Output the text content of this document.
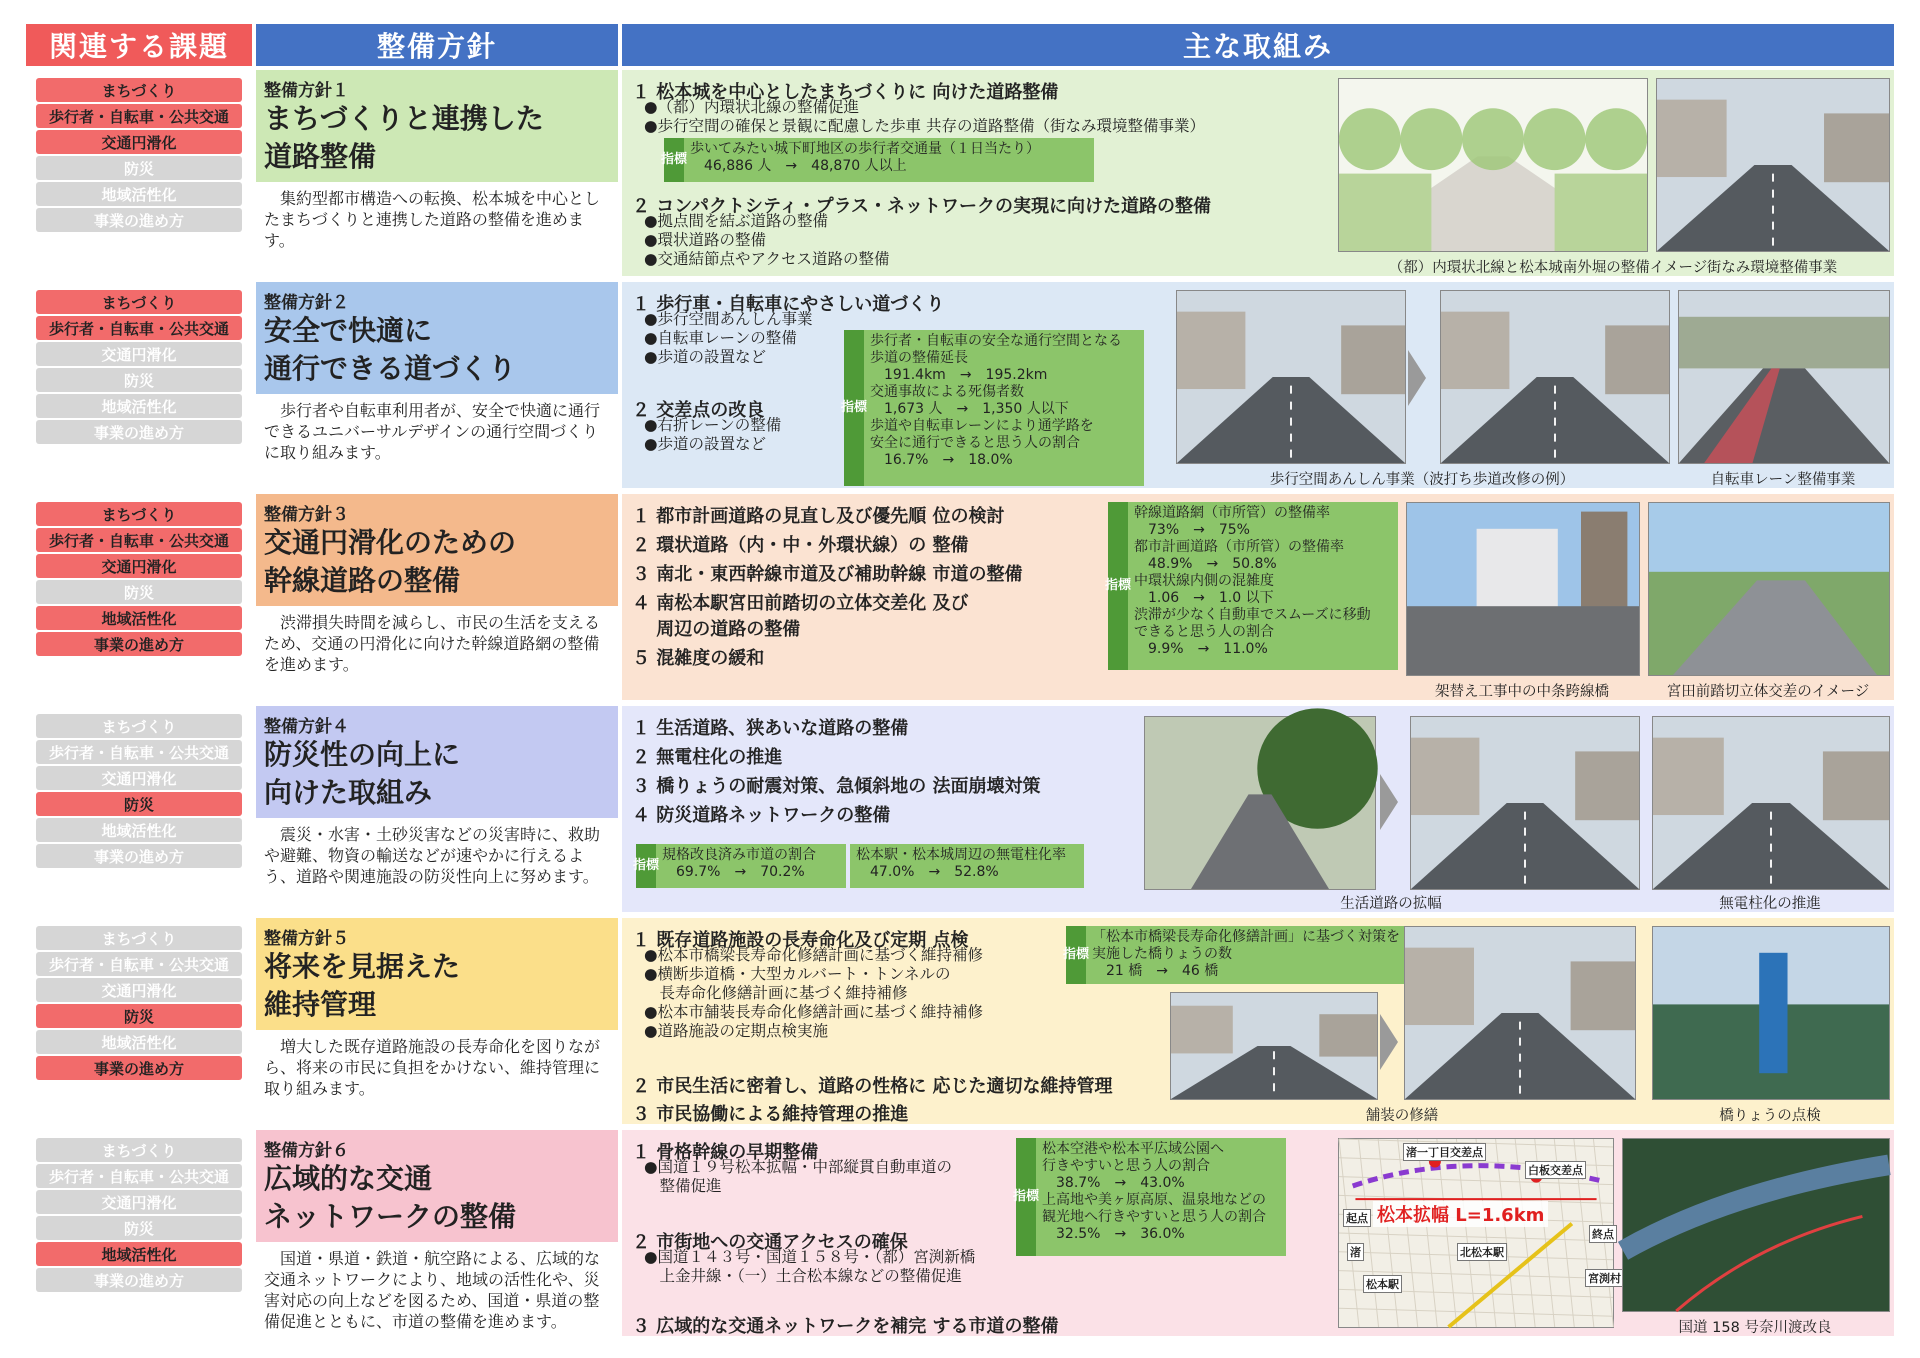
関連する課題	整備方針	主な取組み
まちづくり
歩行者・自転車・公共交通
交通円滑化
防災
地域活性化
事業の進め方
整備方針１
まちづくりと連携した
道路整備
集約型都市構造への転換、松本城を中心としたまちづくりと連携した道路の整備を進めます。
１ 松本城を中心としたまちづくりに 向けた道路整備
●（都）内環状北線の整備促進
●歩行空間の確保と景観に配慮した歩車 共存の道路整備（街なみ環境整備事業）
２ コンパクトシティ・プラス・ネットワークの実現に向けた道路の整備
●拠点間を結ぶ道路の整備
●環状道路の整備
●交通結節点やアクセス道路の整備
指標
歩いてみたい城下町地区の歩行者交通量（１日当たり）
　46,886 人　→　48,870 人以上
（都）内環状北線と松本城南外堀の整備イメージ 街なみ環境整備事業
まちづくり
歩行者・自転車・公共交通
交通円滑化
防災
地域活性化
事業の進め方
整備方針２
安全で快適に
通行できる道づくり
歩行者や自転車利用者が、安全で快適に通行できるユニバーサルデザインの通行空間づくりに取り組みます。
１ 歩行車・自転車にやさしい道づくり
●歩行空間あんしん事業
●自転車レーンの整備
●歩道の設置など
２ 交差点の改良
●右折レーンの整備
●歩道の設置など
指標
歩行者・自転車の安全な通行空間となる
歩道の整備延長
　191.4km　→　195.2km
交通事故による死傷者数
　1,673 人　→　1,350 人以下
歩道や自転車レーンにより通学路を
安全に通行できると思う人の割合
　16.7%　→　18.0%
歩行空間あんしん事業（波打ち歩道改修の例）	自転車レーン整備事業
まちづくり
歩行者・自転車・公共交通
交通円滑化
防災
地域活性化
事業の進め方
整備方針３
交通円滑化のための
幹線道路の整備
渋滞損失時間を減らし、市民の生活を支えるため、交通の円滑化に向けた幹線道路網の整備を進めます。
１ 都市計画道路の見直し及び優先順 位の検討
２ 環状道路（内・中・外環状線）の 整備
３ 南北・東西幹線市道及び補助幹線 市道の整備
４ 南松本駅宮田前踏切の立体交差化 及び
　 周辺の道路の整備
５ 混雑度の緩和
指標
幹線道路網（市所管）の整備率
　73%　→　75%
都市計画道路（市所管）の整備率
　48.9%　→　50.8%
中環状線内側の混雑度
　1.06　→　1.0 以下
渋滞が少なく自動車でスムーズに移動
できると思う人の割合
　9.9%　→　11.0%
架替え工事中の中条跨線橋	宮田前踏切立体交差のイメージ
まちづくり
歩行者・自転車・公共交通
交通円滑化
防災
地域活性化
事業の進め方
整備方針４
防災性の向上に
向けた取組み
震災・水害・土砂災害などの災害時に、救助や避難、物資の輸送などが速やかに行えるよう、道路や関連施設の防災性向上に努めます。
１ 生活道路、狭あいな道路の整備
２ 無電柱化の推進
３ 橋りょうの耐震対策、急傾斜地の 法面崩壊対策
４ 防災道路ネットワークの整備
指標
規格改良済み市道の割合
　69.7%　→　70.2%
松本駅・松本城周辺の無電柱化率
　47.0%　→　52.8%
生活道路の拡幅	無電柱化の推進
まちづくり
歩行者・自転車・公共交通
交通円滑化
防災
地域活性化
事業の進め方
整備方針５
将来を見据えた
維持管理
増大した既存道路施設の長寿命化を図りながら、将来の市民に負担をかけない、維持管理に取り組みます。
１ 既存道路施設の長寿命化及び定期 点検
●松本市橋梁長寿命化修繕計画に基づく維持補修
●横断歩道橋・大型カルバート・トンネルの
　長寿命化修繕計画に基づく維持補修
●松本市舗装長寿命化修繕計画に基づく維持補修
●道路施設の定期点検実施
２ 市民生活に密着し、道路の性格に 応じた適切な維持管理
３ 市民協働による維持管理の推進
指標
「松本市橋梁長寿命化修繕計画」に基づく対策を
実施した橋りょうの数
　21 橋　→　46 橋
舗装の修繕	橋りょうの点検
まちづくり
歩行者・自転車・公共交通
交通円滑化
防災
地域活性化
事業の進め方
整備方針６
広域的な交通
ネットワークの整備
国道・県道・鉄道・航空路による、広域的な交通ネットワークにより、地域の活性化や、災害対応の向上などを図るため、国道・県道の整備促進とともに、市道の整備を進めます。
１ 骨格幹線の早期整備
●国道１９号松本拡幅・中部縦貫自動車道の
　整備促進
２ 市街地への交通アクセスの確保
●国道１４３号・国道１５８号・（都）宮渕新橋
　上金井線・（一）土合松本線などの整備促進
３ 広域的な交通ネットワークを補完 する市道の整備
指標
松本空港や松本平広域公園へ
行きやすいと思う人の割合
　38.7%　→　43.0%
上高地や美ヶ原高原、温泉地などの
観光地へ行きやすいと思う人の割合
　32.5%　→　36.0%
松本拡幅 L=1.6km
起点
終点
松本駅
北松本駅
渚一丁目交差点
白板交差点
渚
宮渕村
国道 158 号奈川渡改良
